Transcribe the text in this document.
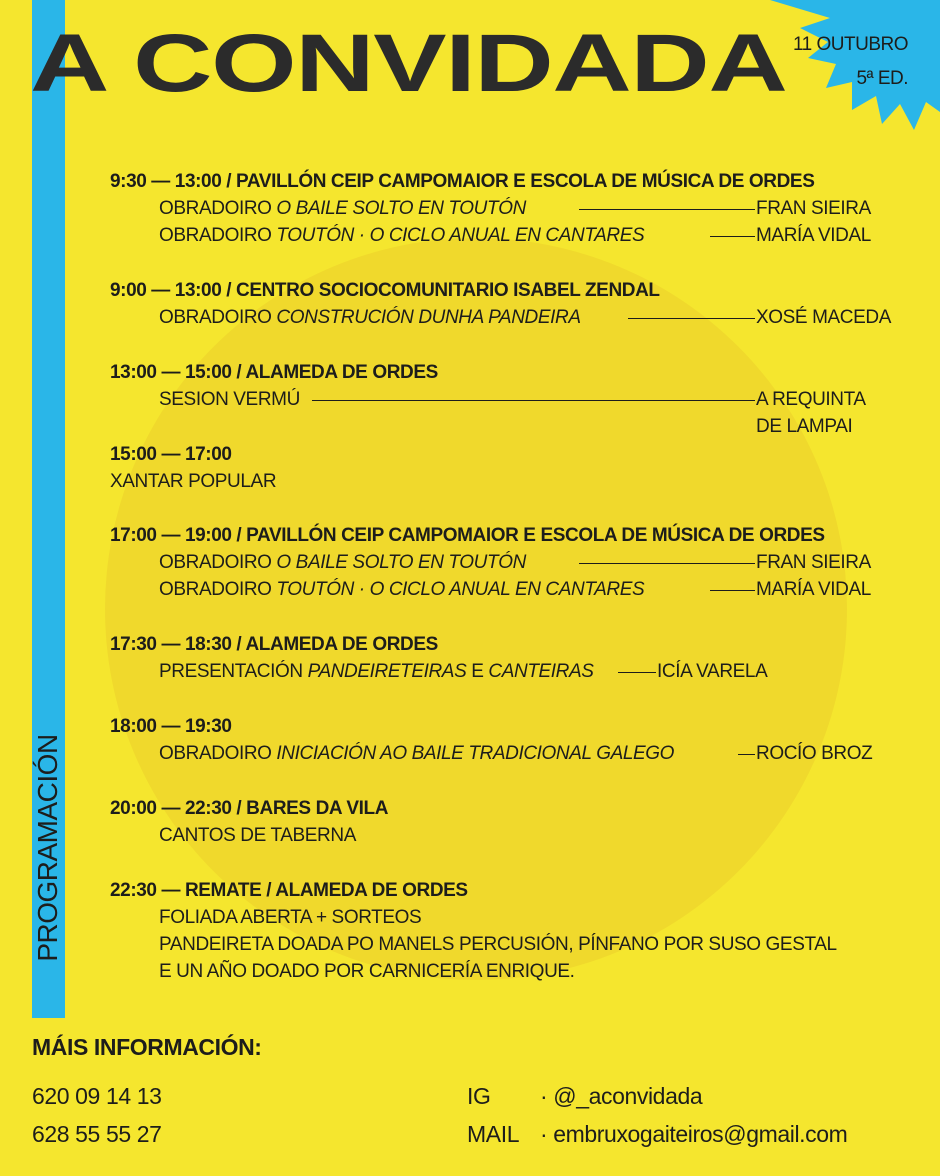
PROGRAMACIÓN
11 OUTUBRO
5ª ED.
A CONVIDADA
9:30 — 13:00 / PAVILLÓN CEIP CAMPOMAIOR E ESCOLA DE MÚSICA DE ORDES
OBRADOIRO O BAILE SOLTO EN TOUTÓN	FRAN SIEIRA
OBRADOIRO TOUTÓN · O CICLO ANUAL EN CANTARES	MARÍA VIDAL
9:00 — 13:00 / CENTRO SOCIOCOMUNITARIO ISABEL ZENDAL
OBRADOIRO CONSTRUCIÓN DUNHA PANDEIRA	XOSÉ MACEDA
13:00 — 15:00 / ALAMEDA DE ORDES
SESION VERMÚ	A REQUINTA
DE LAMPAI
15:00 — 17:00
XANTAR POPULAR
17:00 — 19:00 / PAVILLÓN CEIP CAMPOMAIOR E ESCOLA DE MÚSICA DE ORDES
OBRADOIRO O BAILE SOLTO EN TOUTÓN	FRAN SIEIRA
OBRADOIRO TOUTÓN · O CICLO ANUAL EN CANTARES	MARÍA VIDAL
17:30 — 18:30 / ALAMEDA DE ORDES
PRESENTACIÓN PANDEIRETEIRAS E CANTEIRAS	ICÍA VARELA
18:00 — 19:30
OBRADOIRO INICIACIÓN AO BAILE TRADICIONAL GALEGO	ROCÍO BROZ
20:00 — 22:30 / BARES DA VILA
CANTOS DE TABERNA
22:30 — REMATE / ALAMEDA DE ORDES
FOLIADA ABERTA + SORTEOS
PANDEIRETA DOADA PO MANELS PERCUSIÓN, PÍNFANO POR SUSO GESTAL
E UN AÑO DOADO POR CARNICERÍA ENRIQUE.
MÁIS INFORMACIÓN:
620 09 14 13
628 55 55 27
IG · @_aconvidada
MAIL · embruxogaiteiros@gmail.com
